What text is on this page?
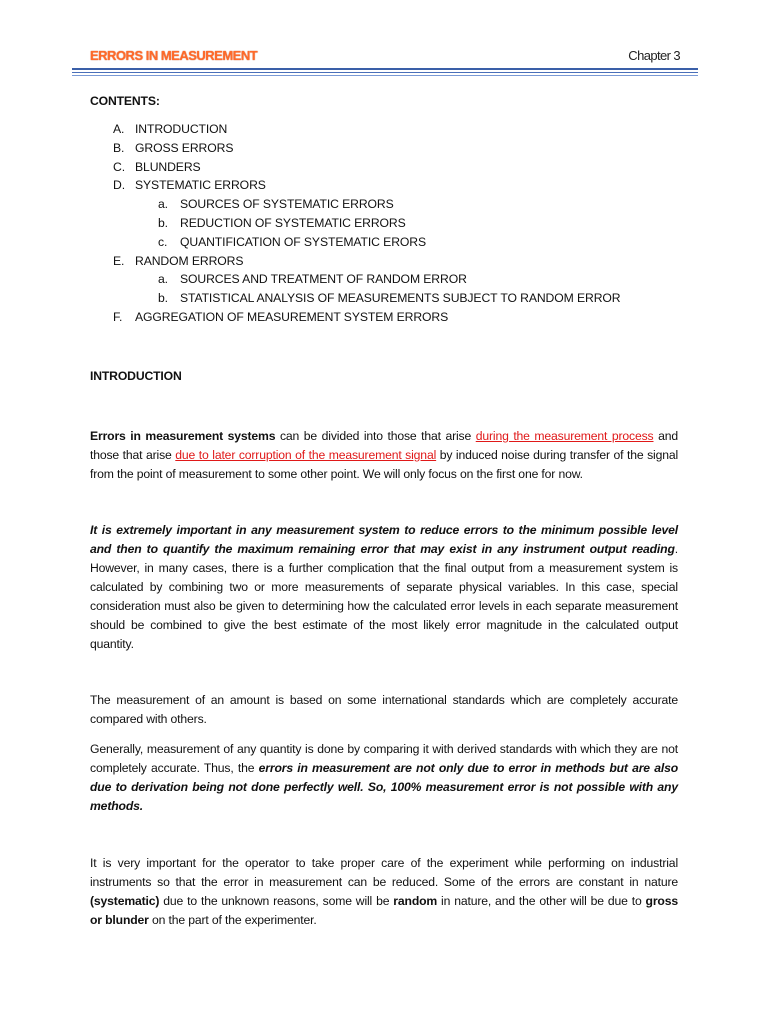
ERRORS IN MEASUREMENT	Chapter 3
CONTENTS:
A. INTRODUCTION
B. GROSS ERRORS
C. BLUNDERS
D. SYSTEMATIC ERRORS
a. SOURCES OF SYSTEMATIC ERRORS
b. REDUCTION OF SYSTEMATIC ERRORS
c.	QUANTIFICATION OF SYSTEMATIC ERORS
E. RANDOM ERRORS
a. SOURCES AND TREATMENT OF RANDOM ERROR
b. STATISTICAL ANALYSIS OF MEASUREMENTS SUBJECT TO RANDOM ERROR
F.	AGGREGATION OF MEASUREMENT SYSTEM ERRORS
INTRODUCTION

Errors in measurement systems can be divided into those that arise during the measurement process and those that arise due to later corruption of the measurement signal by induced noise during transfer of the signal from the point of measurement to some other point. We will only focus on the first one for now.

It is extremely important in any measurement system to reduce errors to the minimum possible level and then to quantify the maximum remaining error that may exist in any instrument output reading. However, in many cases, there is a further complication that the final output from a measurement system is calculated by combining two or more measurements of separate physical variables. In this case, special consideration must also be given to determining how the calculated error levels in each separate measurement should be combined to give the best estimate of the most likely error magnitude in the calculated output quantity.

The measurement of an amount is based on some international standards which are completely accurate compared with others.

Generally, measurement of any quantity is done by comparing it with derived standards with which they are not completely accurate. Thus, the errors in measurement are not only due to error in methods but are also due to derivation being not done perfectly well. So, 100% measurement error is not possible with any methods.

It is very important for the operator to take proper care of the experiment while performing on industrial instruments so that the error in measurement can be reduced. Some of the errors are constant in nature (systematic) due to the unknown reasons, some will be random in nature, and the other will be due to gross or blunder on the part of the experimenter.
